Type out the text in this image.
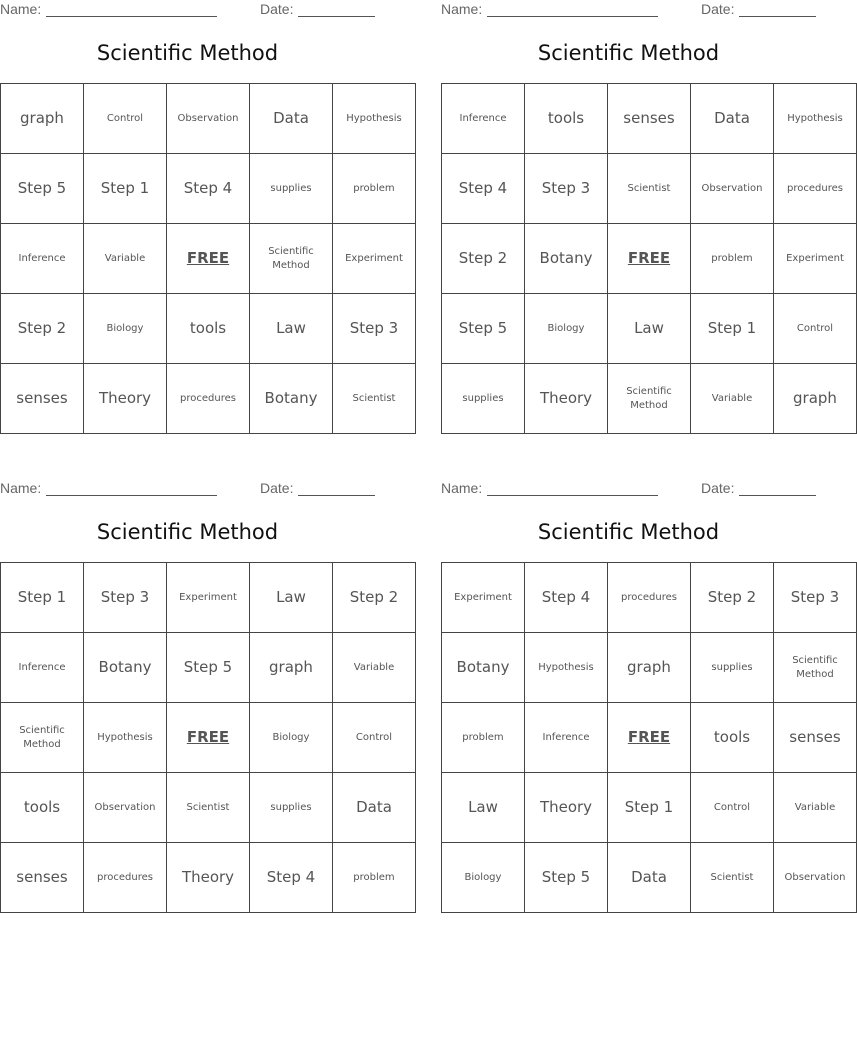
Name:	Date:
Scientific Method
graph	Control	Observation	Data	Hypothesis
Step 5	Step 1	Step 4	supplies	problem
Inference	Variable	FREE	Scientific Method	Experiment
Step 2	Biology	tools	Law	Step 3
senses	Theory	procedures	Botany	Scientist
Name:	Date:
Scientific Method
Inference	tools	senses	Data	Hypothesis
Step 4	Step 3	Scientist	Observation	procedures
Step 2	Botany	FREE	problem	Experiment
Step 5	Biology	Law	Step 1	Control
supplies	Theory	Scientific Method	Variable	graph
Name:	Date:
Scientific Method
Step 1	Step 3	Experiment	Law	Step 2
Inference	Botany	Step 5	graph	Variable
Scientific Method	Hypothesis	FREE	Biology	Control
tools	Observation	Scientist	supplies	Data
senses	procedures	Theory	Step 4	problem
Name:	Date:
Scientific Method
Experiment	Step 4	procedures	Step 2	Step 3
Botany	Hypothesis	graph	supplies	Scientific Method
problem	Inference	FREE	tools	senses
Law	Theory	Step 1	Control	Variable
Biology	Step 5	Data	Scientist	Observation
